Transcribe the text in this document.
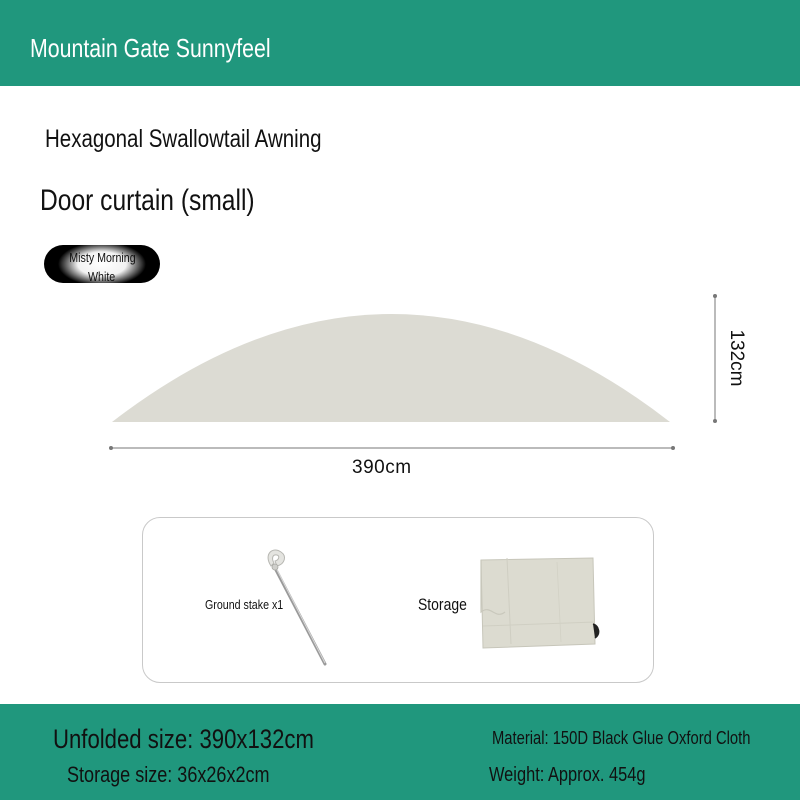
Mountain Gate Sunnyfeel
Hexagonal Swallowtail Awning
Door curtain (small)
Misty Morning
White
390cm
132cm
Ground stake x1	Storage
Unfolded size: 390x132cm
Storage size: 36x26x2cm
Material: 150D Black Glue Oxford Cloth
Weight: Approx. 454g
